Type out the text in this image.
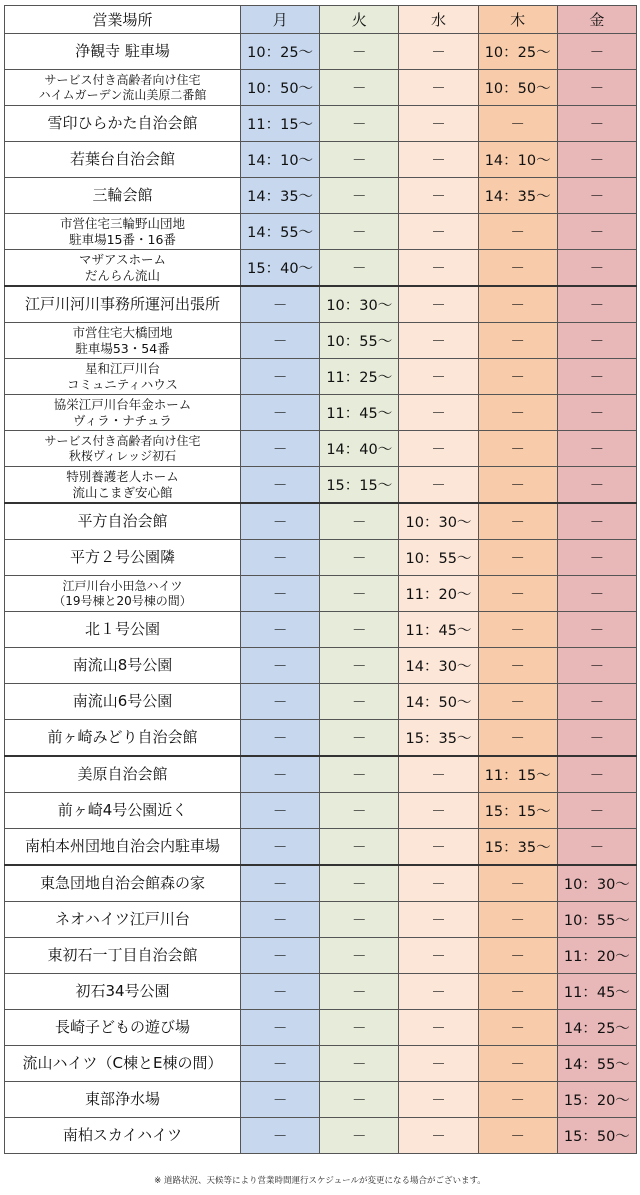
営業場所	月	火	水	木	金

浄観寺 駐車場	10：25～	－	－	10：25～	－

サービス付き高齢者向け住宅
ハイムガーデン流山美原二番館	10：50～	－	－	10：50～	－

雪印ひらかた自治会館	11：15～	－	－	－	－

若葉台自治会館	14：10～	－	－	14：10～	－

三輪会館	14：35～	－	－	14：35～	－

市営住宅三輪野山団地
駐車場15番・16番	14：55～	－	－	－	－

マザアスホーム
だんらん流山	15：40～	－	－	－	－

江戸川河川事務所運河出張所	－	10：30～	－	－	－

市営住宅大橋団地
駐車場53・54番	－	10：55～	－	－	－

星和江戸川台
コミュニティハウス	－	11：25～	－	－	－

協栄江戸川台年金ホーム
ヴィラ・ナチュラ	－	11：45～	－	－	－

サービス付き高齢者向け住宅
秋桜ヴィレッジ初石	－	14：40～	－	－	－

特別養護老人ホーム
流山こまぎ安心館	－	15：15～	－	－	－

平方自治会館	－	－	10：30～	－	－

平方２号公園隣	－	－	10：55～	－	－

江戸川台小田急ハイツ
（19号棟と20号棟の間）	－	－	11：20～	－	－

北１号公園	－	－	11：45～	－	－

南流山8号公園	－	－	14：30～	－	－

南流山6号公園	－	－	14：50～	－	－

前ヶ崎みどり自治会館	－	－	15：35～	－	－

美原自治会館	－	－	－	11：15～	－

前ヶ崎4号公園近く	－	－	－	15：15～	－

南柏本州団地自治会内駐車場	－	－	－	15：35～	－

東急団地自治会館森の家	－	－	－	－	10：30～

ネオハイツ江戸川台	－	－	－	－	10：55～

東初石一丁目自治会館	－	－	－	－	11：20～

初石34号公園	－	－	－	－	11：45～

長崎子どもの遊び場	－	－	－	－	14：25～

流山ハイツ（C棟とE棟の間）	－	－	－	－	14：55～

東部浄水場	－	－	－	－	15：20～

南柏スカイハイツ	－	－	－	－	15：50～
※ 道路状況、天候等により営業時間運行スケジュールが変更になる場合がございます。
